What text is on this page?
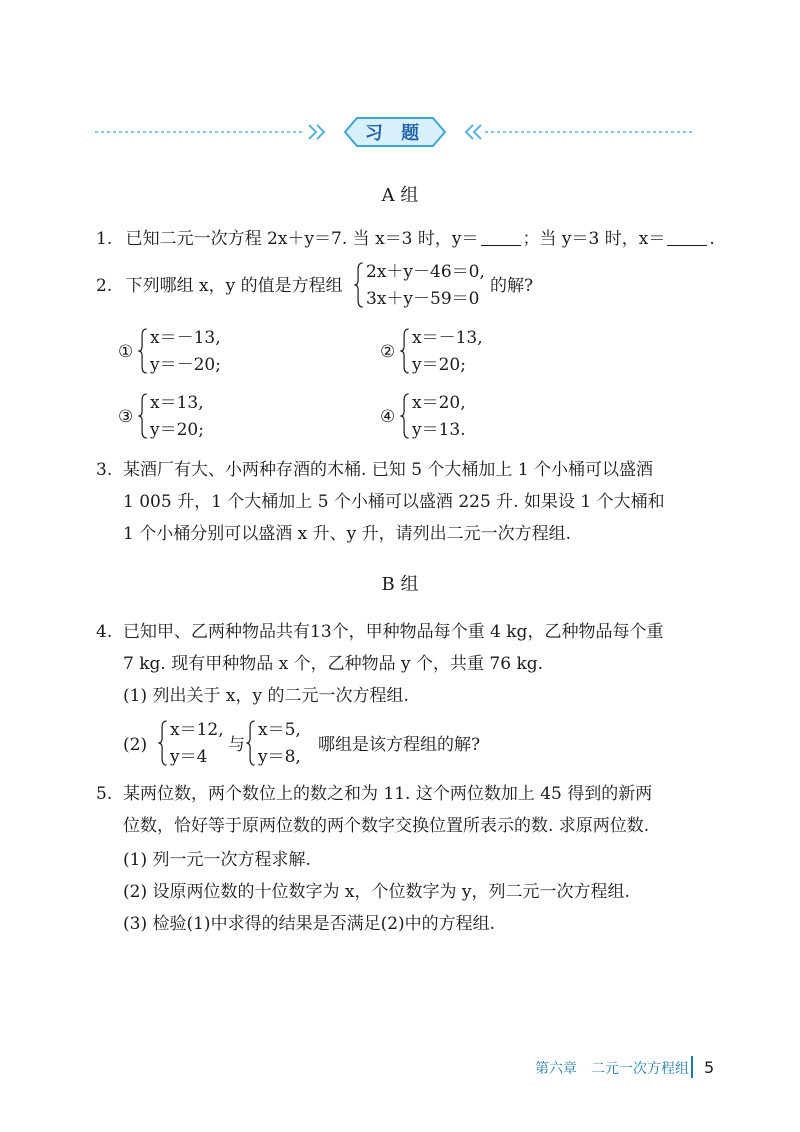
习 题
A 组
1. 已知二元一次方程 2x＋y＝7. 当 x＝3 时，y＝	；当 y＝3 时，x＝	.
2. 下列哪组 x，y 的值是方程组
2x＋y－46＝0,
3x＋y－59＝0
的解?
①
x＝－13,
y＝－20;
②
x＝－13,
y＝20;
③
x＝13,
y＝20;
④
x＝20,
y＝13.
3. 某酒厂有大、小两种存酒的木桶. 已知 5 个大桶加上 1 个小桶可以盛酒
1 005 升，1 个大桶加上 5 个小桶可以盛酒 225 升. 如果设 1 个大桶和
1 个小桶分别可以盛酒 x 升、y 升，请列出二元一次方程组.
B 组
4. 已知甲、乙两种物品共有13个，甲种物品每个重 4 kg，乙种物品每个重
7 kg. 现有甲种物品 x 个，乙种物品 y 个，共重 76 kg.
(1) 列出关于 x，y 的二元一次方程组.
(2)
x＝12,
y＝4
与
x＝5,
y＝8,
哪组是该方程组的解?
5. 某两位数，两个数位上的数之和为 11. 这个两位数加上 45 得到的新两
位数，恰好等于原两位数的两个数字交换位置所表示的数. 求原两位数.
(1) 列一元一次方程求解.
(2) 设原两位数的十位数字为 x，个位数字为 y，列二元一次方程组.
(3) 检验(1)中求得的结果是否满足(2)中的方程组.
第六章　二元一次方程组 5
